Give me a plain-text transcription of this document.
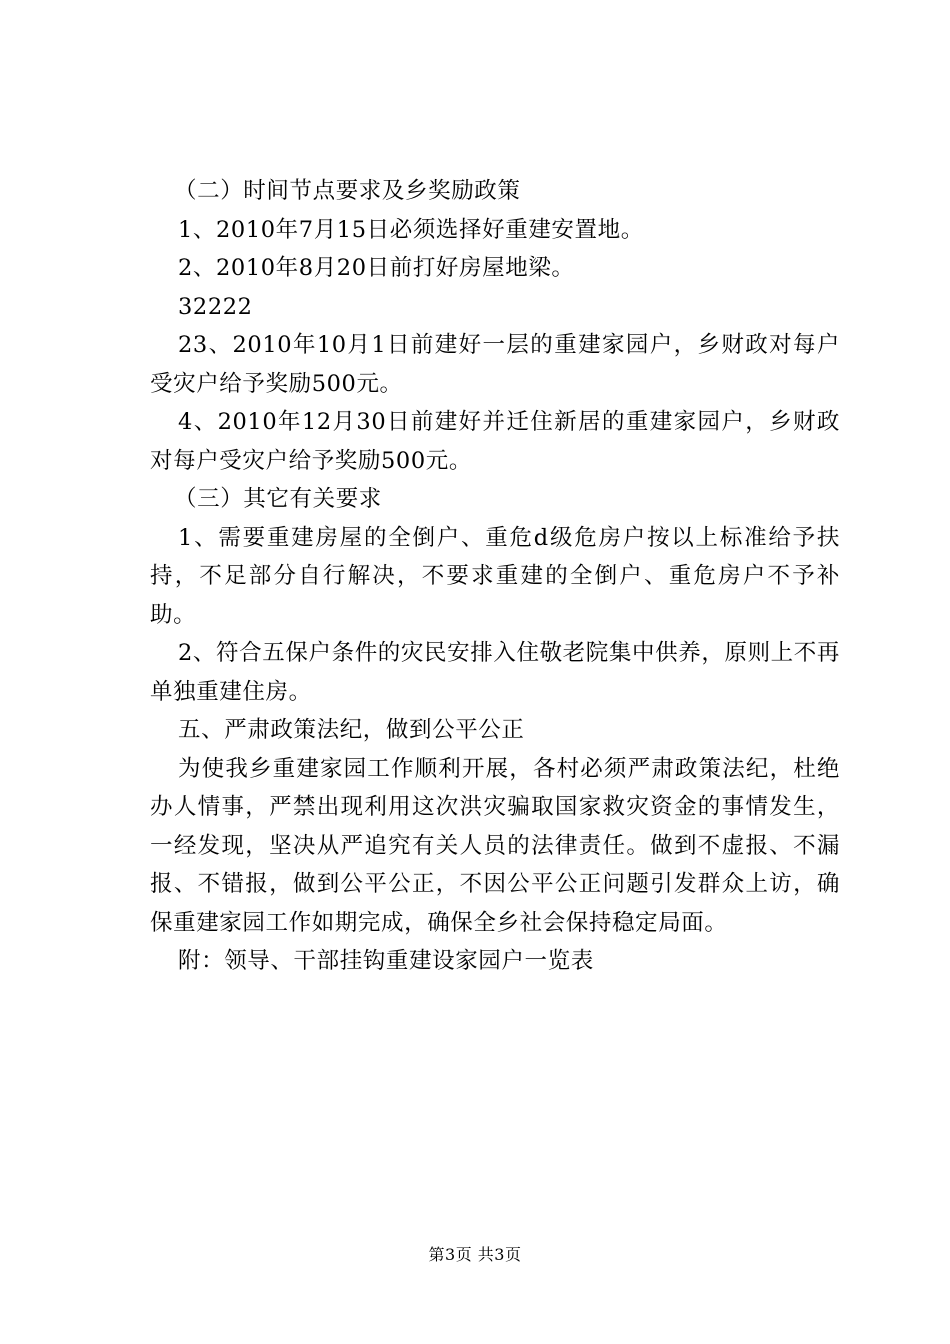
（二）时间节点要求及乡奖励政策

1、2010年7月15日必须选择好重建安置地。

2、2010年8月20日前打好房屋地梁。

32222

23、2010年10月1日前建好一层的重建家园户，乡财政对每户受灾户给予奖励500元。

4、2010年12月30日前建好并迁住新居的重建家园户，乡财政对每户受灾户给予奖励500元。

（三）其它有关要求

1、需要重建房屋的全倒户、重危d级危房户按以上标准给予扶持，不足部分自行解决，不要求重建的全倒户、重危房户不予补助。

2、符合五保户条件的灾民安排入住敬老院集中供养，原则上不再单独重建住房。

五、严肃政策法纪，做到公平公正

为使我乡重建家园工作顺利开展，各村必须严肃政策法纪，杜绝办人情事，严禁出现利用这次洪灾骗取国家救灾资金的事情发生，一经发现，坚决从严追究有关人员的法律责任。做到不虚报、不漏报、不错报，做到公平公正，不因公平公正问题引发群众上访，确保重建家园工作如期完成，确保全乡社会保持稳定局面。

附：领导、干部挂钩重建设家园户一览表

第3页 共3页
